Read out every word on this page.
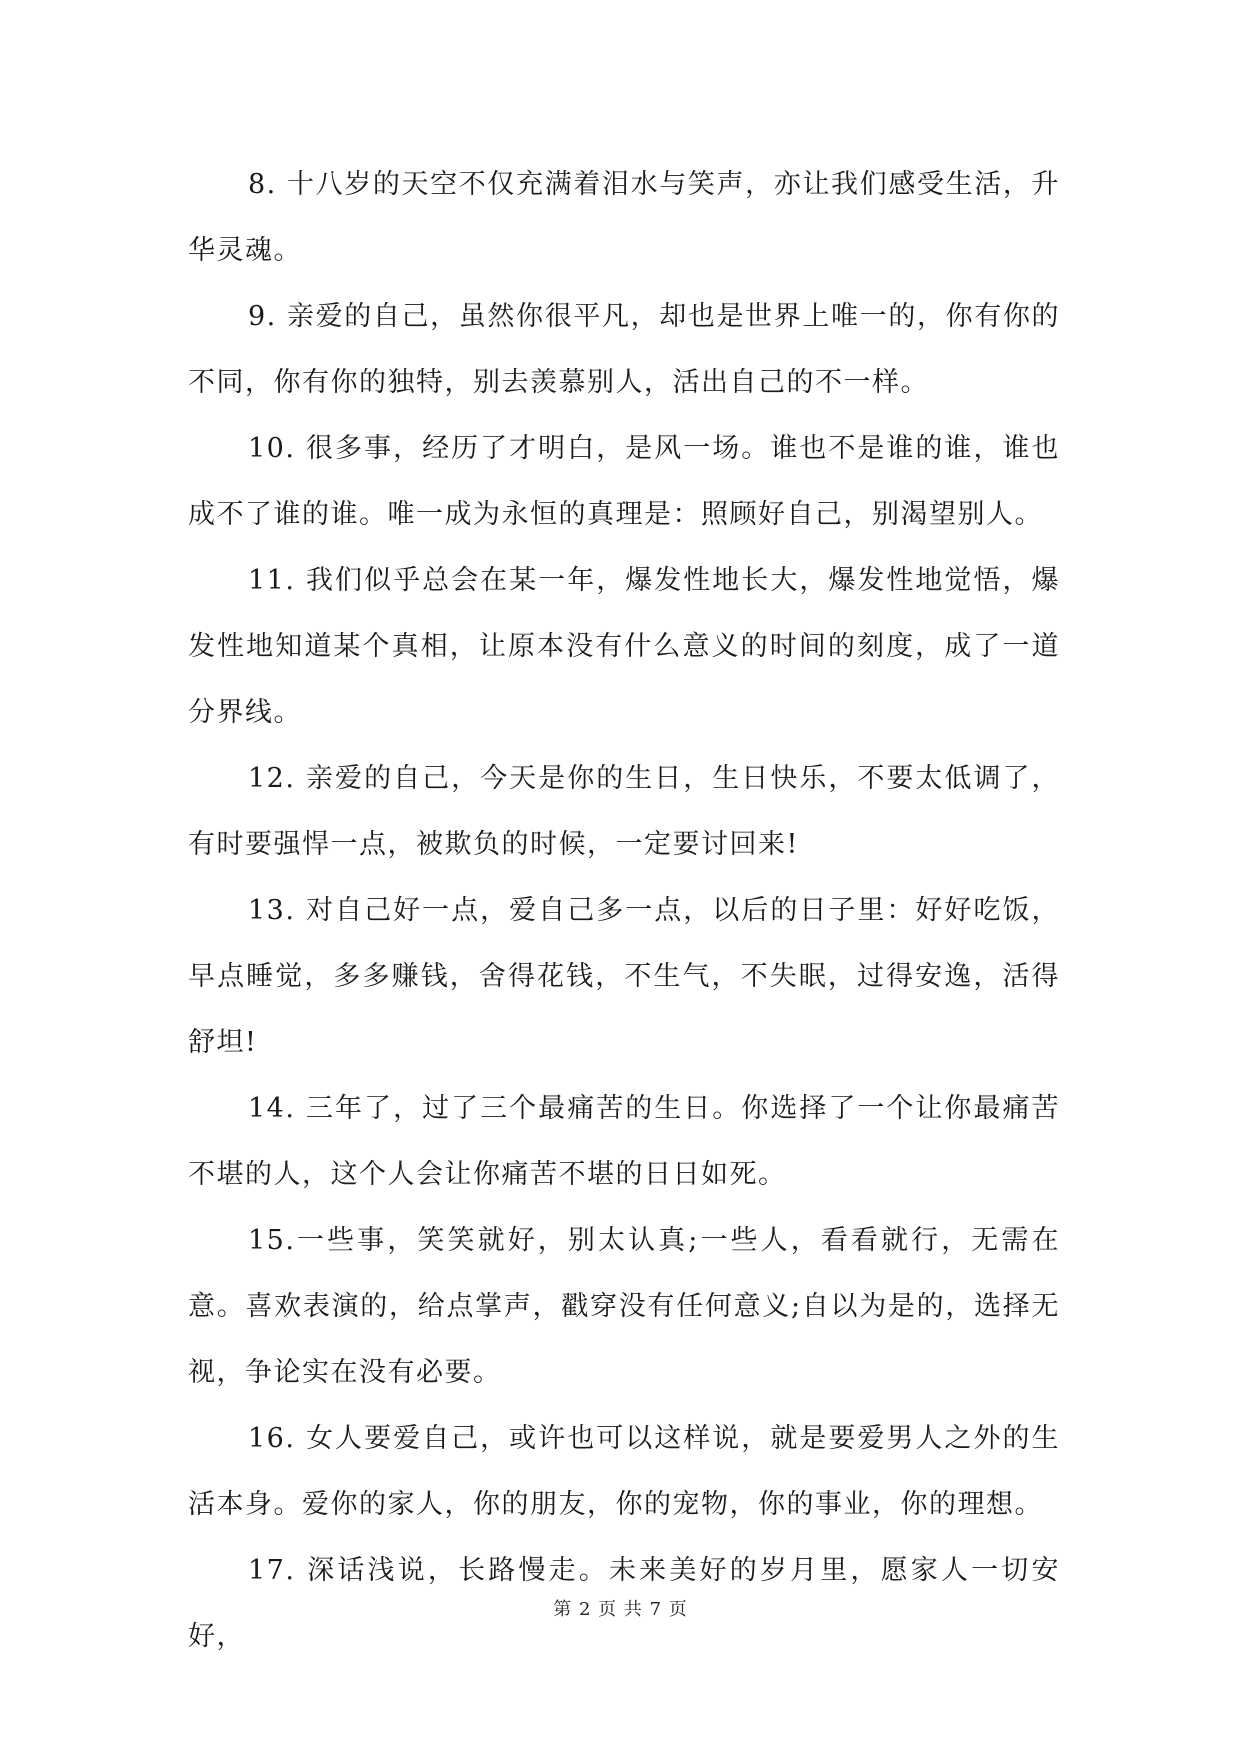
8. 十八岁的天空不仅充满着泪水与笑声，亦让我们感受生活，升华灵魂。

9. 亲爱的自己，虽然你很平凡，却也是世界上唯一的，你有你的不同，你有你的独特，别去羡慕别人，活出自己的不一样。

10. 很多事，经历了才明白，是风一场。谁也不是谁的谁，谁也成不了谁的谁。唯一成为永恒的真理是：照顾好自己，别渴望别人。

11. 我们似乎总会在某一年，爆发性地长大，爆发性地觉悟，爆发性地知道某个真相，让原本没有什么意义的时间的刻度，成了一道分界线。

12. 亲爱的自己，今天是你的生日，生日快乐，不要太低调了，有时要强悍一点，被欺负的时候，一定要讨回来!

13. 对自己好一点，爱自己多一点，以后的日子里：好好吃饭，早点睡觉，多多赚钱，舍得花钱，不生气，不失眠，过得安逸，活得舒坦!

14. 三年了，过了三个最痛苦的生日。你选择了一个让你最痛苦不堪的人，这个人会让你痛苦不堪的日日如死。

15.一些事，笑笑就好，别太认真;一些人，看看就行，无需在意。喜欢表演的，给点掌声，戳穿没有任何意义;自以为是的，选择无视，争论实在没有必要。

16. 女人要爱自己，或许也可以这样说，就是要爱男人之外的生活本身。爱你的家人，你的朋友，你的宠物，你的事业，你的理想。

17. 深话浅说，长路慢走。未来美好的岁月里，愿家人一切安好，

第 2 页 共 7 页
